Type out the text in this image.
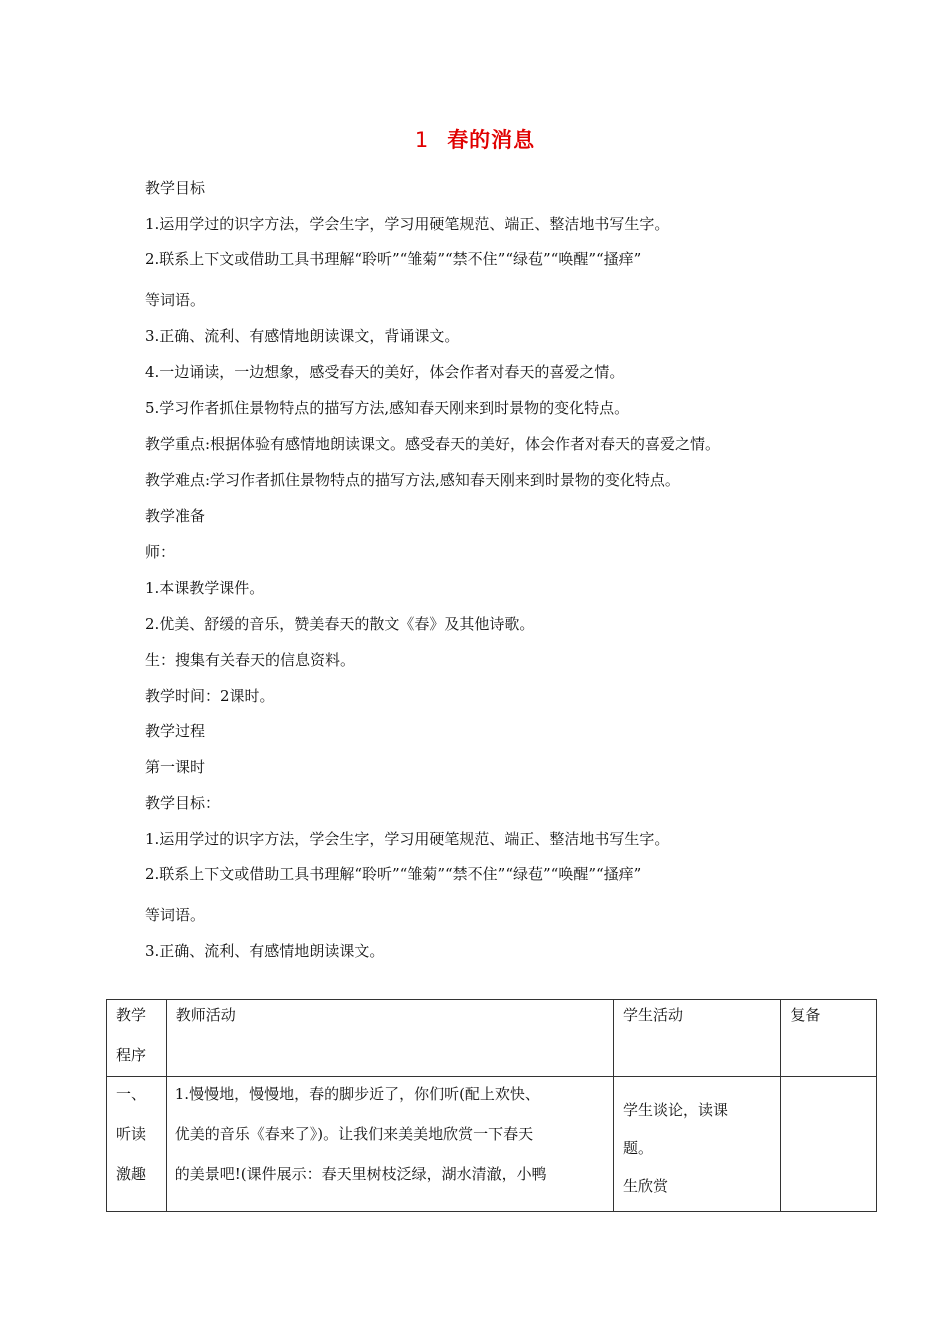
1 春的消息
教学目标
1.运用学过的识字方法，学会生字，学习用硬笔规范、端正、整洁地书写生字。
2.联系上下文或借助工具书理解“聆听”“雏菊”“禁不住”“绿苞”“唤醒”“搔痒”
等词语。
3.正确、流利、有感情地朗读课文，背诵课文。
4.一边诵读，一边想象，感受春天的美好，体会作者对春天的喜爱之情。
5.学习作者抓住景物特点的描写方法,感知春天刚来到时景物的变化特点。
教学重点:根据体验有感情地朗读课文。感受春天的美好，体会作者对春天的喜爱之情。
教学难点:学习作者抓住景物特点的描写方法,感知春天刚来到时景物的变化特点。
教学准备
师：
1.本课教学课件。
2.优美、舒缓的音乐，赞美春天的散文《春》及其他诗歌。
生：搜集有关春天的信息资料。
教学时间：2课时。
教学过程
第一课时
教学目标：
1.运用学过的识字方法，学会生字，学习用硬笔规范、端正、整洁地书写生字。
2.联系上下文或借助工具书理解“聆听”“雏菊”“禁不住”“绿苞”“唤醒”“搔痒”
等词语。
3.正确、流利、有感情地朗读课文。
教学
程序	教师活动	学生活动	复备

一、
听读
激趣	1.慢慢地，慢慢地，春的脚步近了，你们听(配上欢快、
优美的音乐《春来了》)。让我们来美美地欣赏一下春天
的美景吧!(课件展示：春天里树枝泛绿，湖水清澈，小鸭	学生谈论，读课
题。
生欣赏	
